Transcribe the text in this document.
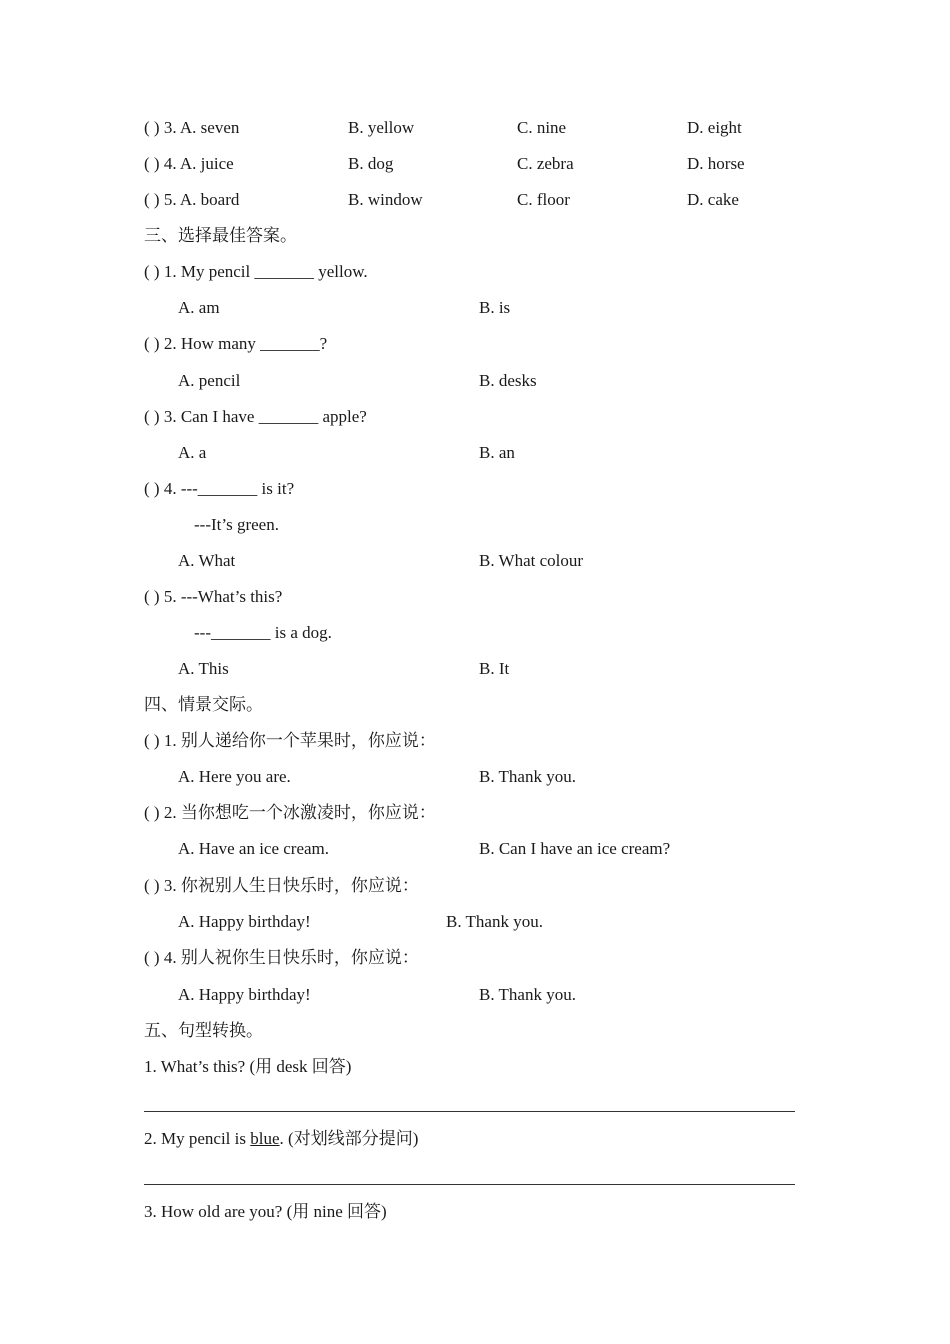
( ) 3. A. seven	B. yellow	C. nine	D. eight
( ) 4. A. juice	B. dog	C. zebra	D. horse
( ) 5. A. board	B. window	C. floor	D. cake
三、选择最佳答案。
( ) 1. My pencil _______ yellow.
A. am	B. is
( ) 2. How many _______?
A. pencil	B. desks
( ) 3. Can I have _______ apple?
A. a	B. an
( ) 4. ---_______ is it?
---It’s green.
A. What	B. What colour
( ) 5. ---What’s this?
---_______ is a dog.
A. This	B. It
四、情景交际。
( ) 1. 别人递给你一个苹果时，你应说：
A. Here you are.	B. Thank you.
( ) 2. 当你想吃一个冰激凌时，你应说：
A. Have an ice cream.	B. Can I have an ice cream?
( ) 3. 你祝别人生日快乐时，你应说：
A. Happy birthday!	B. Thank you.
( ) 4. 别人祝你生日快乐时，你应说：
A. Happy birthday!	B. Thank you.
五、句型转换。
1. What’s this? (用 desk 回答)
2. My pencil is blue. (对划线部分提问)
3. How old are you? (用 nine 回答)
